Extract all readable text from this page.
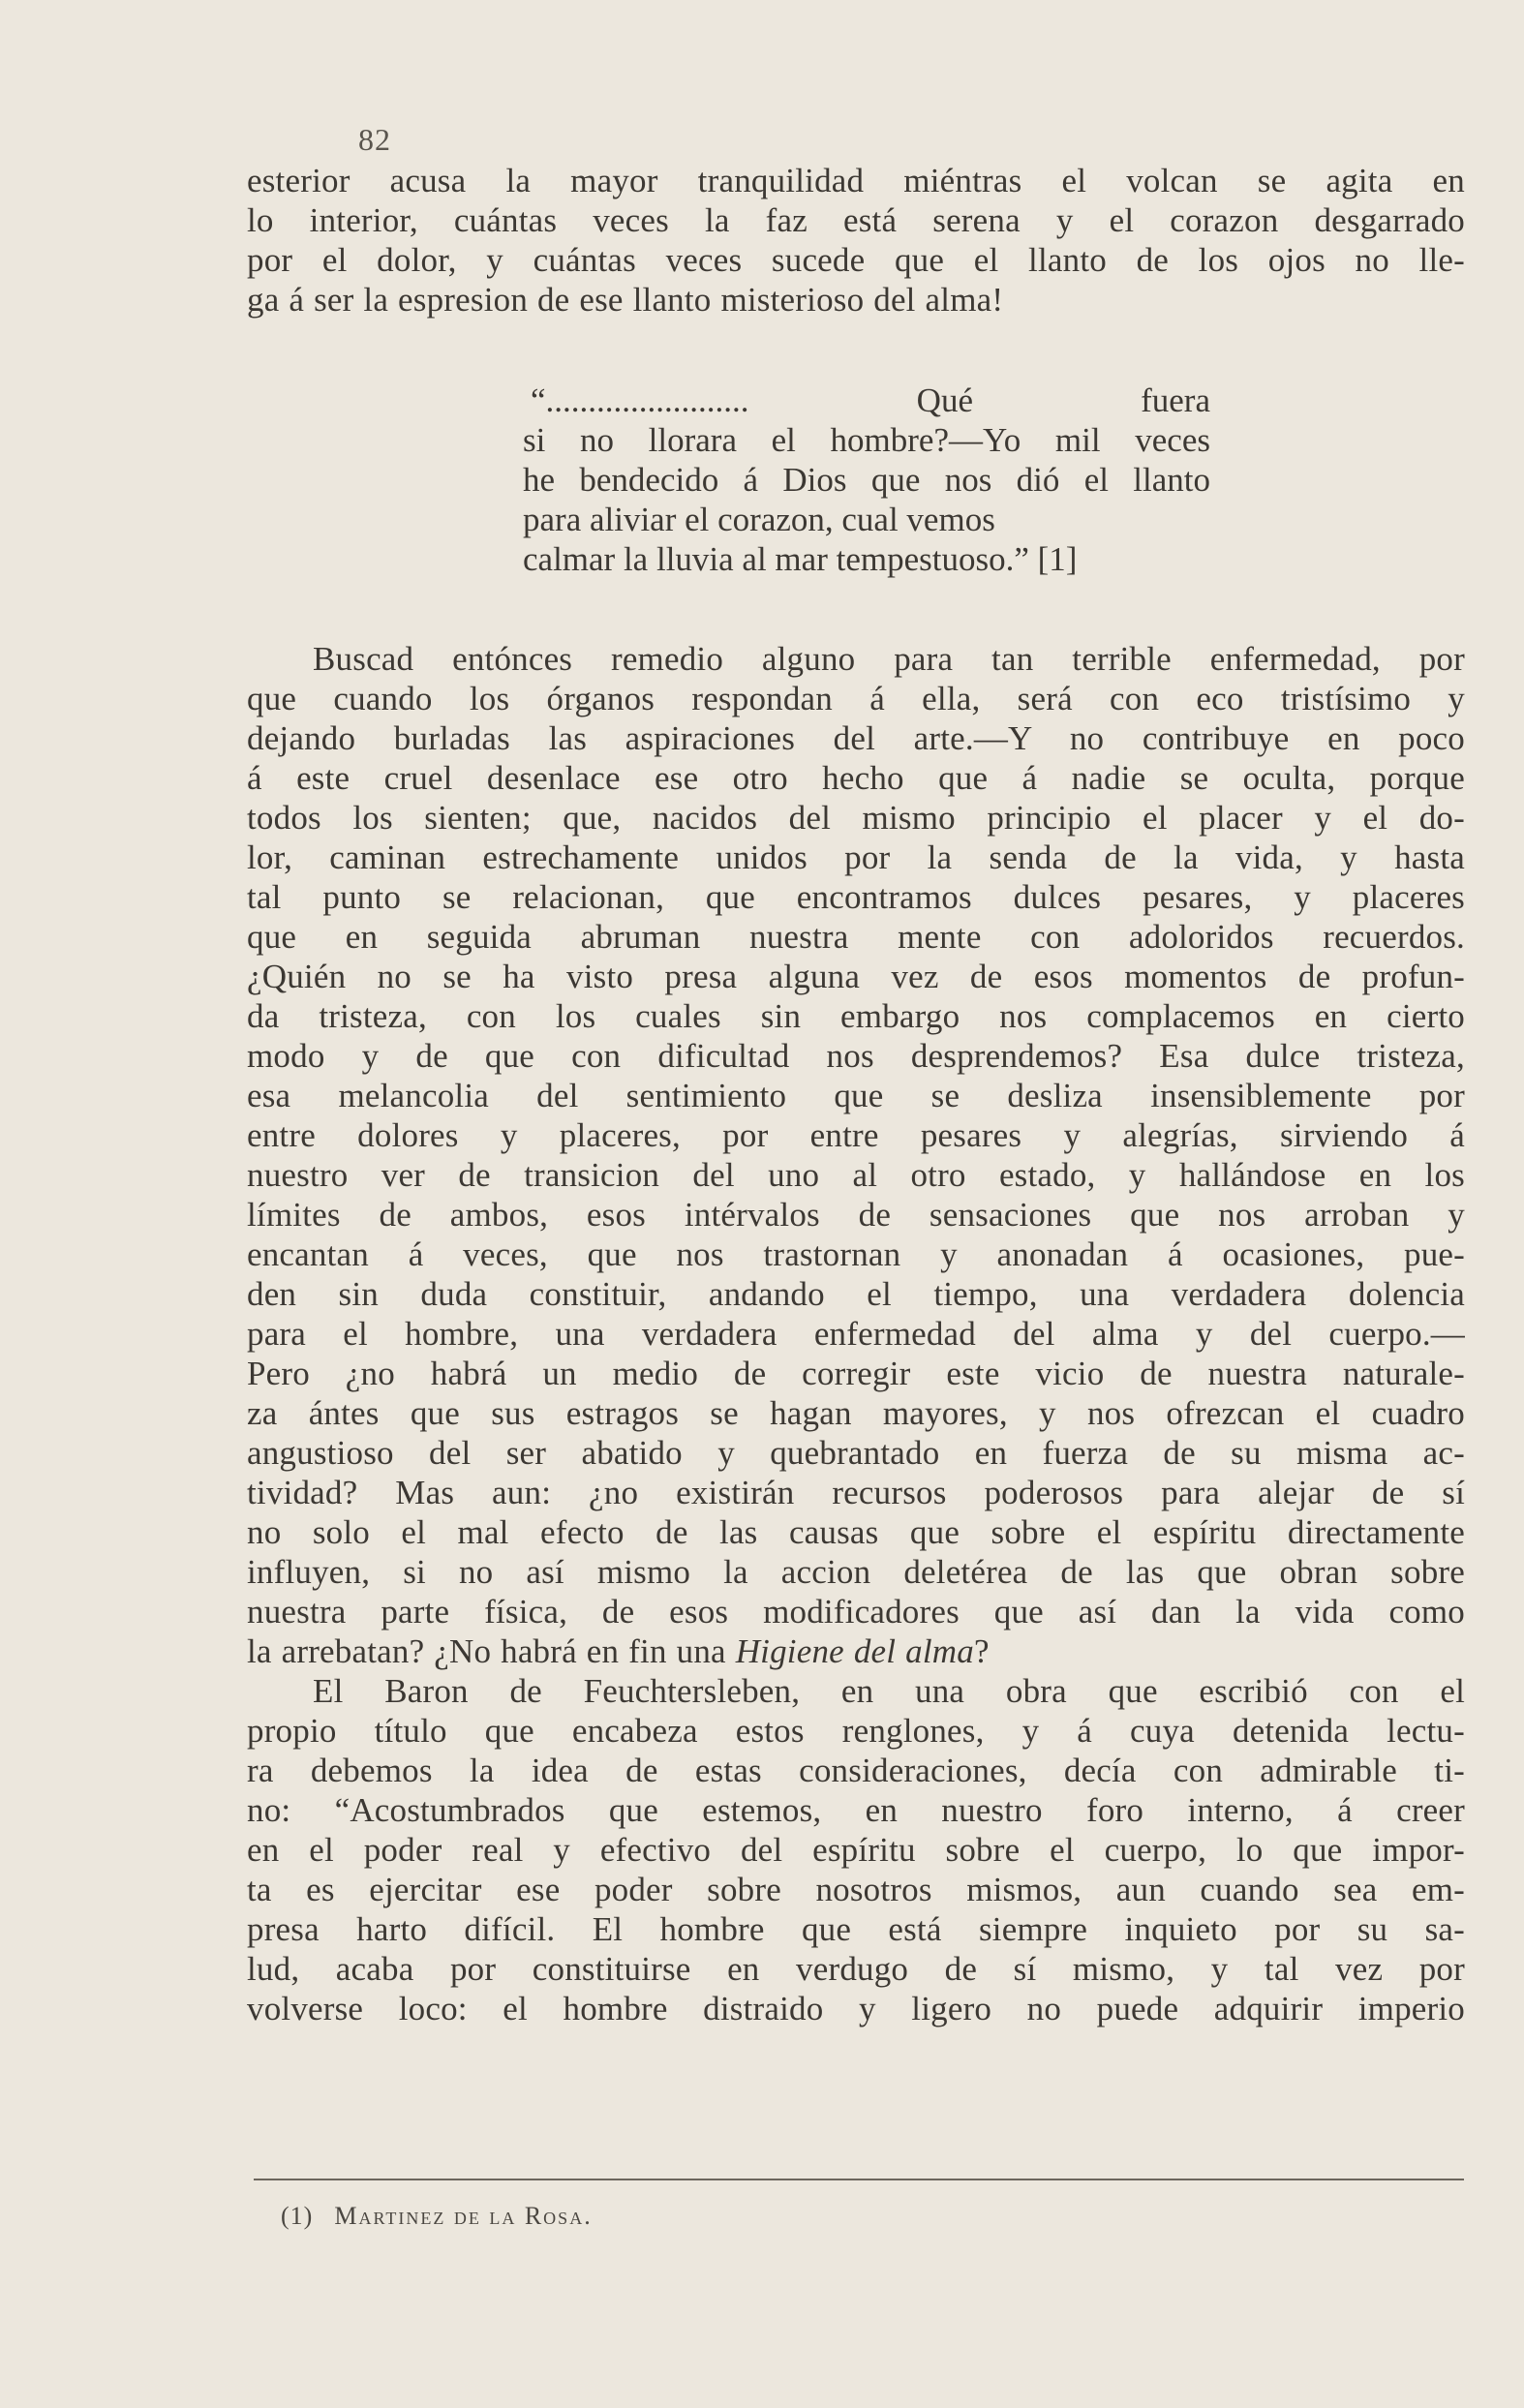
82
esterior acusa la mayor tranquilidad miéntras el volcan se agita en
lo interior, cuántas veces la faz está serena y el corazon desgarrado
por el dolor, y cuántas veces sucede que el llanto de los ojos no lle-
ga á ser la espresion de ese llanto misterioso del alma!
“........................ Qué fuera
si no llorara el hombre?—Yo mil veces
he bendecido á Dios que nos dió el llanto
para aliviar el corazon, cual vemos
calmar la lluvia al mar tempestuoso.” [1]
Buscad entónces remedio alguno para tan terrible enfermedad, por
que cuando los órganos respondan á ella, será con eco tristísimo y
dejando burladas las aspiraciones del arte.—Y no contribuye en poco
á este cruel desenlace ese otro hecho que á nadie se oculta, porque
todos los sienten; que, nacidos del mismo principio el placer y el do-
lor, caminan estrechamente unidos por la senda de la vida, y hasta
tal punto se relacionan, que encontramos dulces pesares, y placeres
que en seguida abruman nuestra mente con adoloridos recuerdos.
¿Quién no se ha visto presa alguna vez de esos momentos de profun-
da tristeza, con los cuales sin embargo nos complacemos en cierto
modo y de que con dificultad nos desprendemos? Esa dulce tristeza,
esa melancolia del sentimiento que se desliza insensiblemente por
entre dolores y placeres, por entre pesares y alegrías, sirviendo á
nuestro ver de transicion del uno al otro estado, y hallándose en los
límites de ambos, esos intérvalos de sensaciones que nos arroban y
encantan á veces, que nos trastornan y anonadan á ocasiones, pue-
den sin duda constituir, andando el tiempo, una verdadera dolencia
para el hombre, una verdadera enfermedad del alma y del cuerpo.—
Pero ¿no habrá un medio de corregir este vicio de nuestra naturale-
za ántes que sus estragos se hagan mayores, y nos ofrezcan el cuadro
angustioso del ser abatido y quebrantado en fuerza de su misma ac-
tividad? Mas aun: ¿no existirán recursos poderosos para alejar de sí
no solo el mal efecto de las causas que sobre el espíritu directamente
influyen, si no así mismo la accion deletérea de las que obran sobre
nuestra parte física, de esos modificadores que así dan la vida como
la arrebatan? ¿No habrá en fin una Higiene del alma?
El Baron de Feuchtersleben, en una obra que escribió con el
propio título que encabeza estos renglones, y á cuya detenida lectu-
ra debemos la idea de estas consideraciones, decía con admirable ti-
no: “Acostumbrados que estemos, en nuestro foro interno, á creer
en el poder real y efectivo del espíritu sobre el cuerpo, lo que impor-
ta es ejercitar ese poder sobre nosotros mismos, aun cuando sea em-
presa harto difícil. El hombre que está siempre inquieto por su sa-
lud, acaba por constituirse en verdugo de sí mismo, y tal vez por
volverse loco: el hombre distraido y ligero no puede adquirir imperio
(1) Martinez de la Rosa.
